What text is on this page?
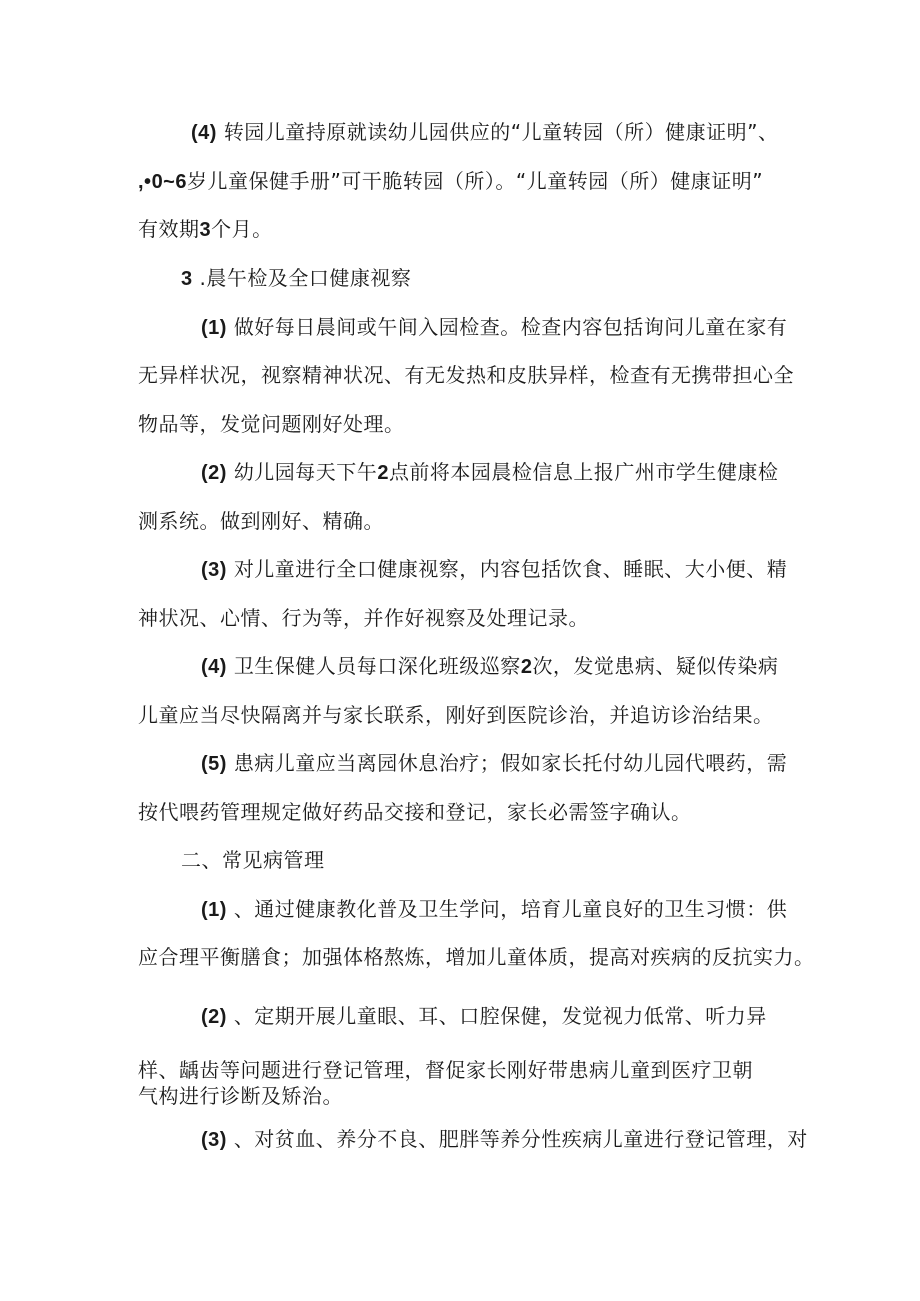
(4) 转园儿童持原就读幼儿园供应的“儿童转园（所）健康证明”、
,•0~6岁儿童保健手册”可干脆转园（所）。“儿童转园（所）健康证明”
有效期3个月。
3 .晨午检及全口健康视察
(1) 做好每日晨间或午间入园检查。检查内容包括询问儿童在家有
无异样状况，视察精神状况、有无发热和皮肤异样，检查有无携带担心全
物品等，发觉问题刚好处理。
(2) 幼儿园每天下午2点前将本园晨检信息上报广州市学生健康检
测系统。做到刚好、精确。
(3) 对儿童进行全口健康视察，内容包括饮食、睡眠、大小便、精
神状况、心情、行为等，并作好视察及处理记录。
(4) 卫生保健人员每口深化班级巡察2次，发觉患病、疑似传染病
儿童应当尽快隔离并与家长联系，刚好到医院诊治，并追访诊治结果。
(5) 患病儿童应当离园休息治疗；假如家长托付幼儿园代喂药，需
按代喂药管理规定做好药品交接和登记，家长必需签字确认。
二、常见病管理
(1) 、通过健康教化普及卫生学问，培育儿童良好的卫生习惯：供
应合理平衡膳食；加强体格熬炼，增加儿童体质，提高对疾病的反抗实力。
(2) 、定期开展儿童眼、耳、口腔保健，发觉视力低常、听力异
样、龋齿等问题进行登记管理，督促家长刚好带患病儿童到医疗卫朝
气构进行诊断及矫治。
(3) 、对贫血、养分不良、肥胖等养分性疾病儿童进行登记管理，对
